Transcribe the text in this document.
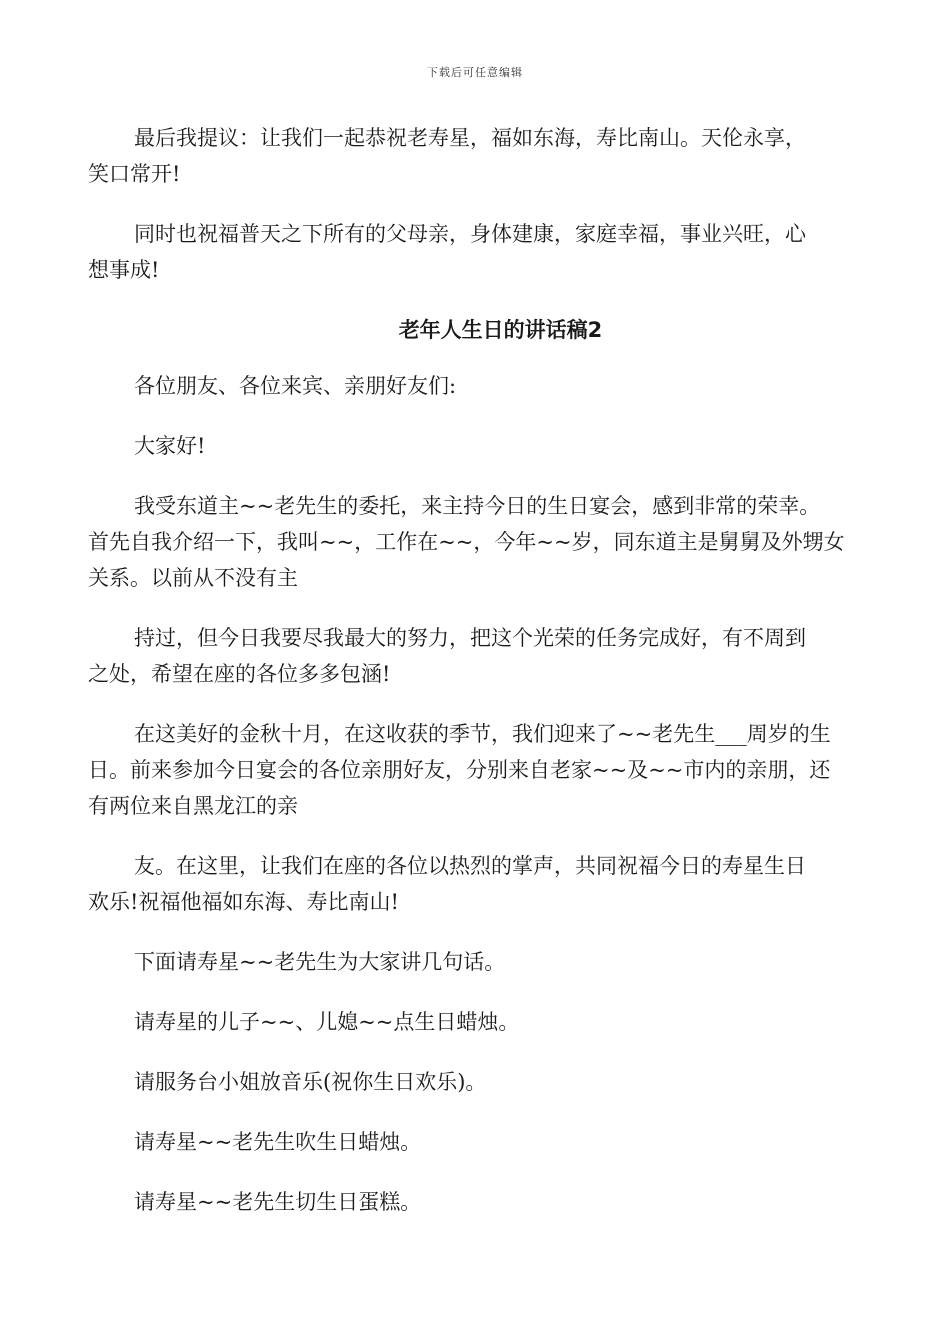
下载后可任意编辑

最后我提议：让我们一起恭祝老寿星，福如东海，寿比南山。天伦永享，
笑口常开!

同时也祝福普天之下所有的父母亲，身体建康，家庭幸福，事业兴旺，心
想事成!

老年人生日的讲话稿2

各位朋友、各位来宾、亲朋好友们:

大家好!

我受东道主~~老先生的委托，来主持今日的生日宴会，感到非常的荣幸。
首先自我介绍一下，我叫~~，工作在~~，今年~~岁，同东道主是舅舅及外甥女
关系。以前从不没有主

持过，但今日我要尽我最大的努力，把这个光荣的任务完成好，有不周到
之处，希望在座的各位多多包涵!

在这美好的金秋十月，在这收获的季节，我们迎来了~~老先生___周岁的生
日。前来参加今日宴会的各位亲朋好友，分别来自老家~~及~~市内的亲朋，还
有两位来自黑龙江的亲

友。在这里，让我们在座的各位以热烈的掌声，共同祝福今日的寿星生日
欢乐!祝福他福如东海、寿比南山!

下面请寿星~~老先生为大家讲几句话。

请寿星的儿子~~、儿媳~~点生日蜡烛。

请服务台小姐放音乐(祝你生日欢乐)。

请寿星~~老先生吹生日蜡烛。

请寿星~~老先生切生日蛋糕。
